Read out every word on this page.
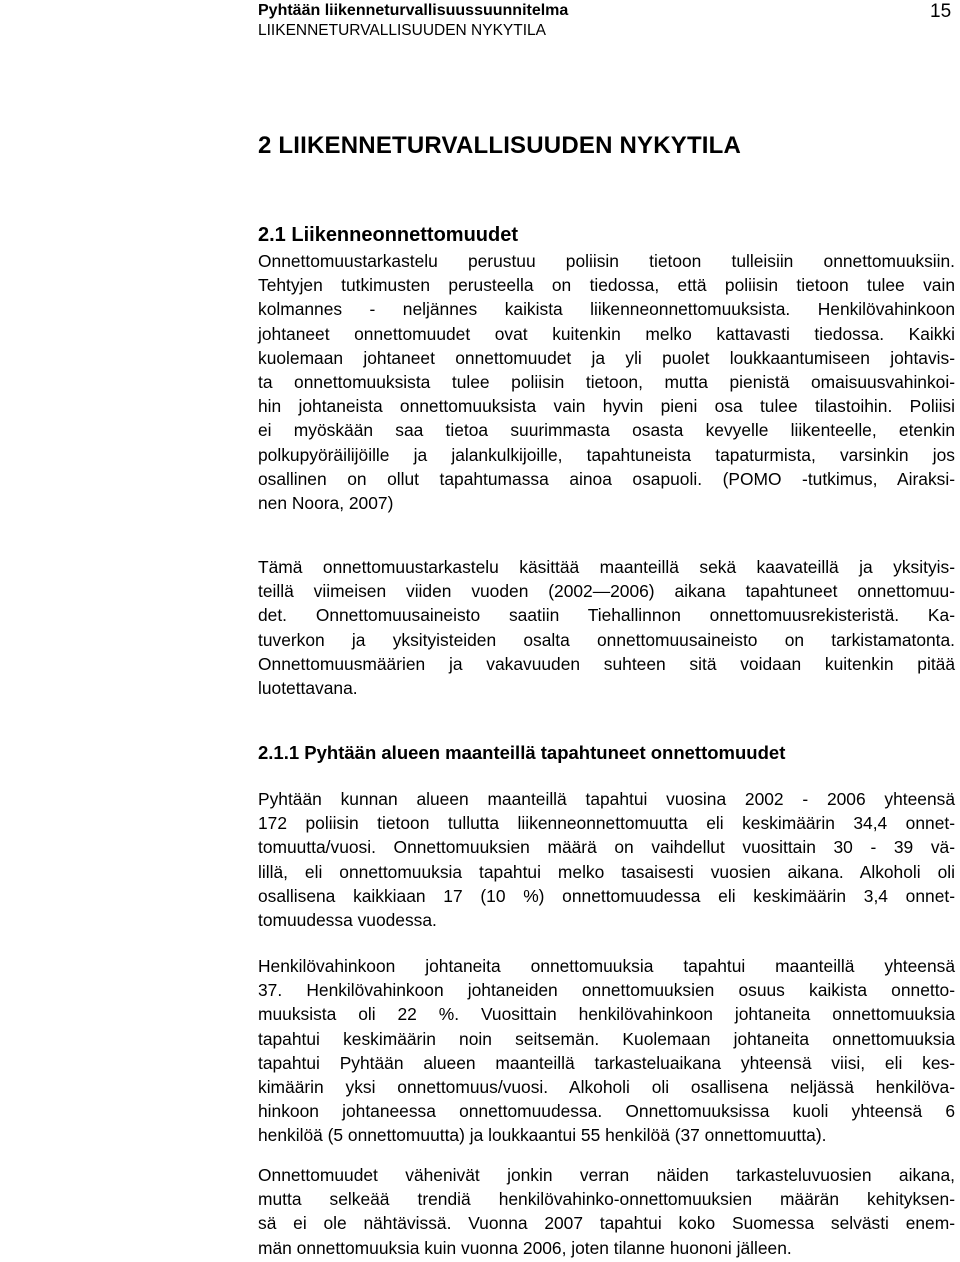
Pyhtään liikenneturvallisuussuunnitelma
LIIKENNETURVALLISUUDEN NYKYTILA
15
2 LIIKENNETURVALLISUUDEN NYKYTILA
2.1 Liikenneonnettomuudet
Onnettomuustarkastelu perustuu poliisin tietoon tulleisiin onnettomuuksiin.
Tehtyjen tutkimusten perusteella on tiedossa, että poliisin tietoon tulee vain
kolmannes - neljännes kaikista liikenneonnettomuuksista. Henkilövahinkoon
johtaneet onnettomuudet ovat kuitenkin melko kattavasti tiedossa. Kaikki
kuolemaan johtaneet onnettomuudet ja yli puolet loukkaantumiseen johtavis-
ta onnettomuuksista tulee poliisin tietoon, mutta pienistä omaisuusvahinkoi-
hin johtaneista onnettomuuksista vain hyvin pieni osa tulee tilastoihin. Poliisi
ei myöskään saa tietoa suurimmasta osasta kevyelle liikenteelle, etenkin
polkupyöräilijöille ja jalankulkijoille, tapahtuneista tapaturmista, varsinkin jos
osallinen on ollut tapahtumassa ainoa osapuoli. (POMO -tutkimus, Airaksi-
nen Noora, 2007)
Tämä onnettomuustarkastelu käsittää maanteillä sekä kaavateillä ja yksityis-
teillä viimeisen viiden vuoden (2002—2006) aikana tapahtuneet onnettomuu-
det. Onnettomuusaineisto saatiin Tiehallinnon onnettomuusrekisteristä. Ka-
tuverkon ja yksityisteiden osalta onnettomuusaineisto on tarkistamatonta.
Onnettomuusmäärien ja vakavuuden suhteen sitä voidaan kuitenkin pitää
luotettavana.
2.1.1 Pyhtään alueen maanteillä tapahtuneet onnettomuudet
Pyhtään kunnan alueen maanteillä tapahtui vuosina 2002 - 2006 yhteensä
172 poliisin tietoon tullutta liikenneonnettomuutta eli keskimäärin 34,4 onnet-
tomuutta/vuosi. Onnettomuuksien määrä on vaihdellut vuosittain 30 - 39 vä-
lillä, eli onnettomuuksia tapahtui melko tasaisesti vuosien aikana. Alkoholi oli
osallisena kaikkiaan 17 (10 %) onnettomuudessa eli keskimäärin 3,4 onnet-
tomuudessa vuodessa.
Henkilövahinkoon johtaneita onnettomuuksia tapahtui maanteillä yhteensä
37. Henkilövahinkoon johtaneiden onnettomuuksien osuus kaikista onnetto-
muuksista oli 22 %. Vuosittain henkilövahinkoon johtaneita onnettomuuksia
tapahtui keskimäärin noin seitsemän. Kuolemaan johtaneita onnettomuuksia
tapahtui Pyhtään alueen maanteillä tarkasteluaikana yhteensä viisi, eli kes-
kimäärin yksi onnettomuus/vuosi. Alkoholi oli osallisena neljässä henkilöva-
hinkoon johtaneessa onnettomuudessa. Onnettomuuksissa kuoli yhteensä 6
henkilöä (5 onnettomuutta) ja loukkaantui 55 henkilöä (37 onnettomuutta).
Onnettomuudet vähenivät jonkin verran näiden tarkasteluvuosien aikana,
mutta selkeää trendiä henkilövahinko-onnettomuuksien määrän kehityksen-
sä ei ole nähtävissä. Vuonna 2007 tapahtui koko Suomessa selvästi enem-
män onnettomuuksia kuin vuonna 2006, joten tilanne huononi jälleen.
